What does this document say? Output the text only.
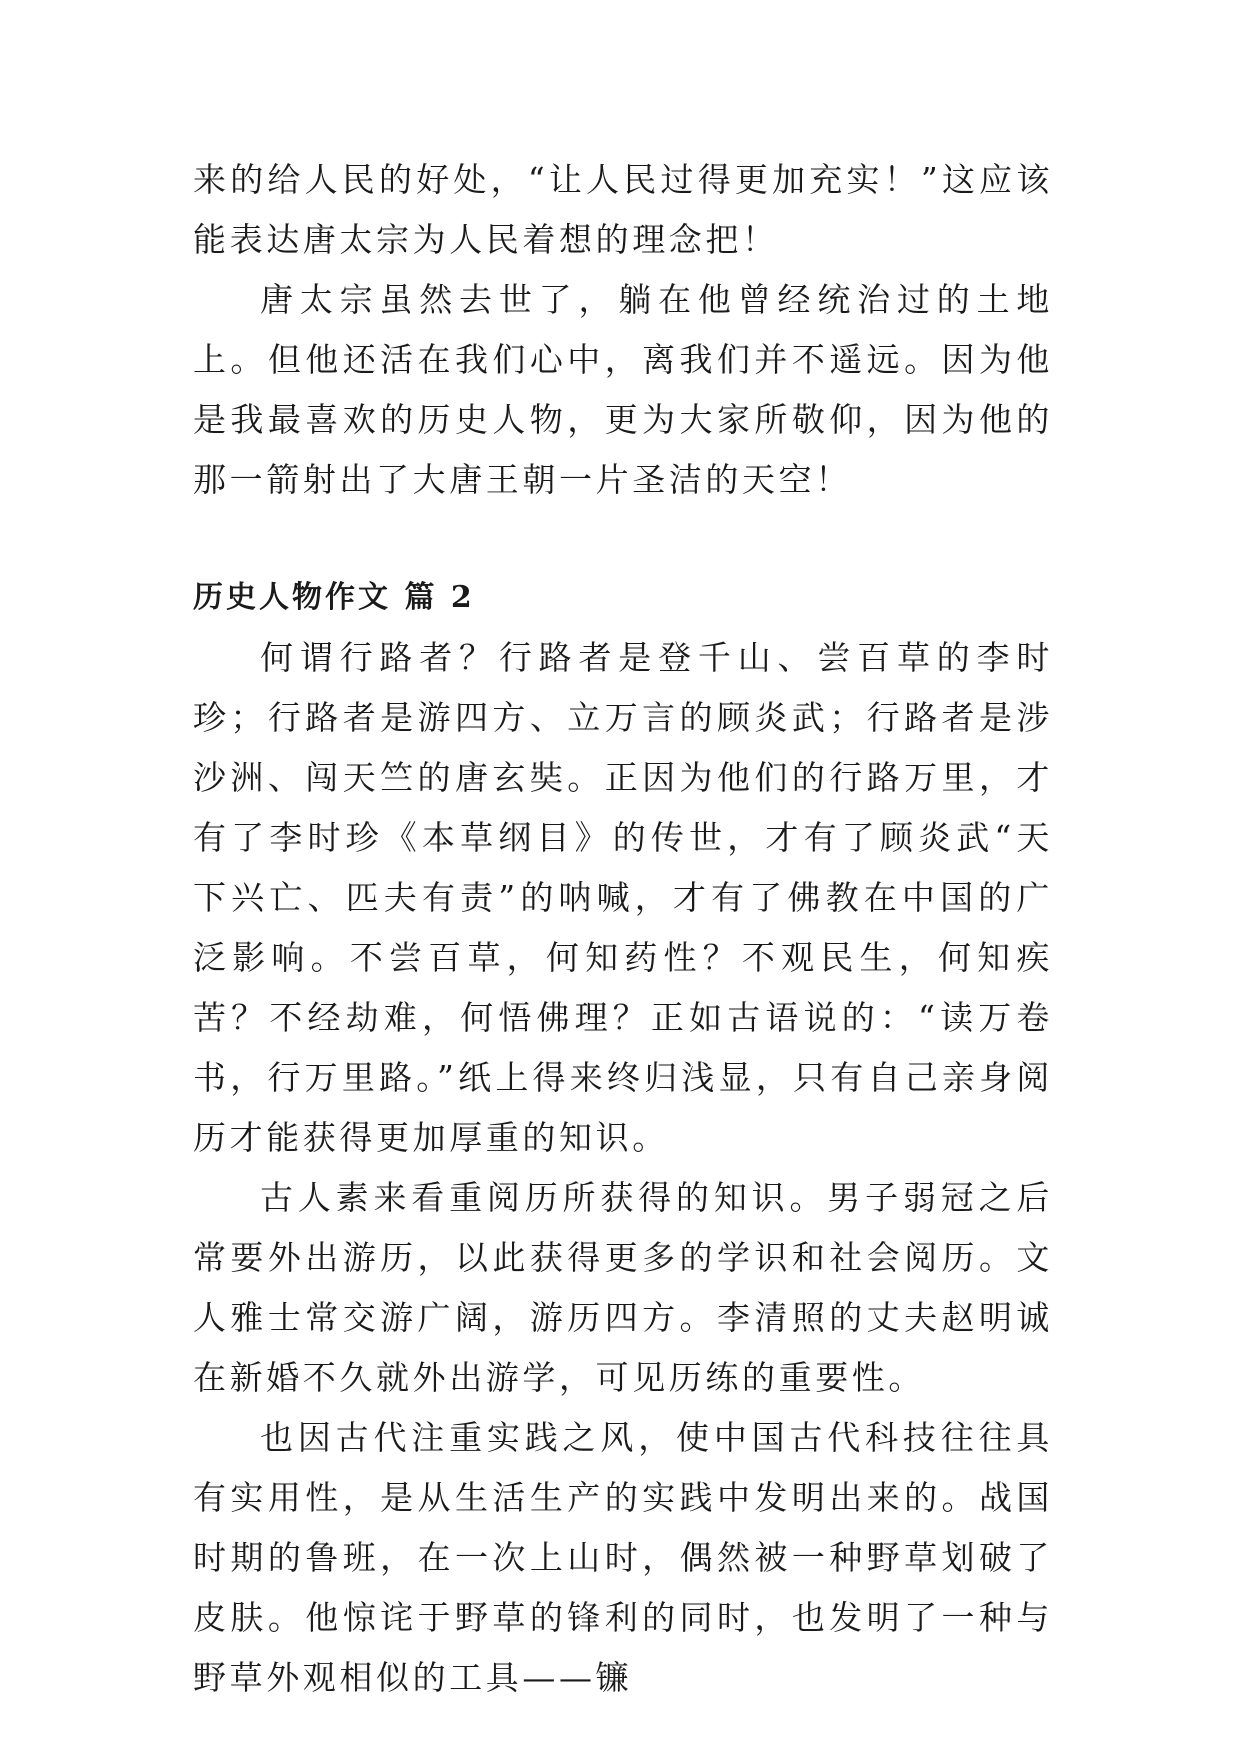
来的给人民的好处，“让人民过得更加充实！”这应该能表达唐太宗为人民着想的理念把！

唐太宗虽然去世了，躺在他曾经统治过的土地上。但他还活在我们心中，离我们并不遥远。因为他是我最喜欢的历史人物，更为大家所敬仰，因为他的那一箭射出了大唐王朝一片圣洁的天空！

历史人物作文 篇 2

何谓行路者？行路者是登千山、尝百草的李时珍；行路者是游四方、立万言的顾炎武；行路者是涉沙洲、闯天竺的唐玄奘。正因为他们的行路万里，才有了李时珍《本草纲目》的传世，才有了顾炎武“天下兴亡、匹夫有责”的呐喊，才有了佛教在中国的广泛影响。不尝百草，何知药性？不观民生，何知疾苦？不经劫难，何悟佛理？正如古语说的：“读万卷书，行万里路。”纸上得来终归浅显，只有自己亲身阅历才能获得更加厚重的知识。

古人素来看重阅历所获得的知识。男子弱冠之后常要外出游历，以此获得更多的学识和社会阅历。文人雅士常交游广阔，游历四方。李清照的丈夫赵明诚在新婚不久就外出游学，可见历练的重要性。

也因古代注重实践之风，使中国古代科技往往具有实用性，是从生活生产的实践中发明出来的。战国时期的鲁班，在一次上山时，偶然被一种野草划破了皮肤。他惊诧于野草的锋利的同时，也发明了一种与野草外观相似的工具——镰
